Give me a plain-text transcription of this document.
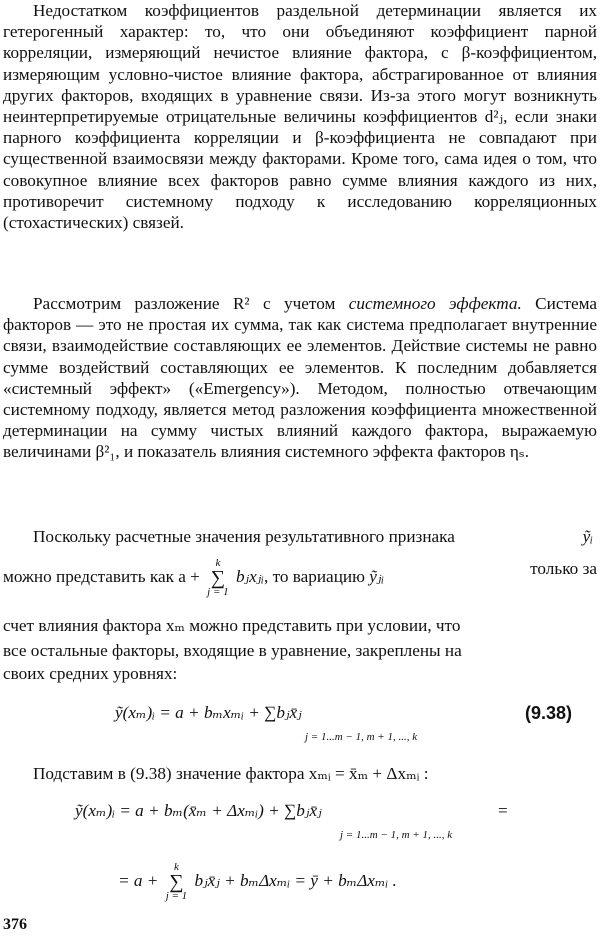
Недостатком коэффициентов раздельной детерминации является их гетерогенный характер: то, что они объединяют коэффициент парной корреляции, измеряющий нечистое влияние фактора, с β-коэффициентом, измеряющим условно-чистое влияние фактора, абстрагированное от влияния других факторов, входящих в уравнение связи. Из-за этого могут возникнуть неинтерпретируемые отрицательные величины коэффициентов d²ⱼ, если знаки парного коэффициента корреляции и β-коэффициента не совпадают при существенной взаимосвязи между факторами. Кроме того, сама идея о том, что совокупное влияние всех факторов равно сумме влияния каждого из них, противоречит системному подходу к исследованию корреляционных (стохастических) связей.
Рассмотрим разложение R² с учетом системного эффекта. Система факторов — это не простая их сумма, так как система предполагает внутренние связи, взаимодействие составляющих ее элементов. Действие системы не равно сумме воздействий составляющих ее элементов. К последним добавляется «системный эффект» («Emergency»). Методом, полностью отвечающим системному подходу, является метод разложения коэффициента множественной детерминации на сумму чистых влияний каждого фактора, выражаемую величинами β²₁, и показатель влияния системного эффекта факторов ηₛ.
Поскольку расчетные значения результативного признака	ỹᵢ
можно представить как a +
k
∑
j = 1
bⱼxⱼᵢ, то вариацию ỹⱼᵢ	только за
счет влияния фактора xₘ можно представить при условии, что
все остальные факторы, входящие в уравнение, закреплены на
своих средних уровнях:
ỹ(xₘ)ᵢ = a + bₘxₘᵢ + ∑bⱼx̄ⱼ
j = 1...m − 1, m + 1, ..., k
(9.38)
Подставим в (9.38) значение фактора xₘᵢ = x̄ₘ + Δxₘᵢ :
ỹ(xₘ)ᵢ = a + bₘ(x̄ₘ + Δxₘᵢ) + ∑bⱼx̄ⱼ	=
j = 1...m − 1, m + 1, ..., k
= a +
k
∑
j = 1
bⱼx̄ⱼ + bₘΔxₘᵢ = ȳ + bₘΔxₘᵢ .
376
